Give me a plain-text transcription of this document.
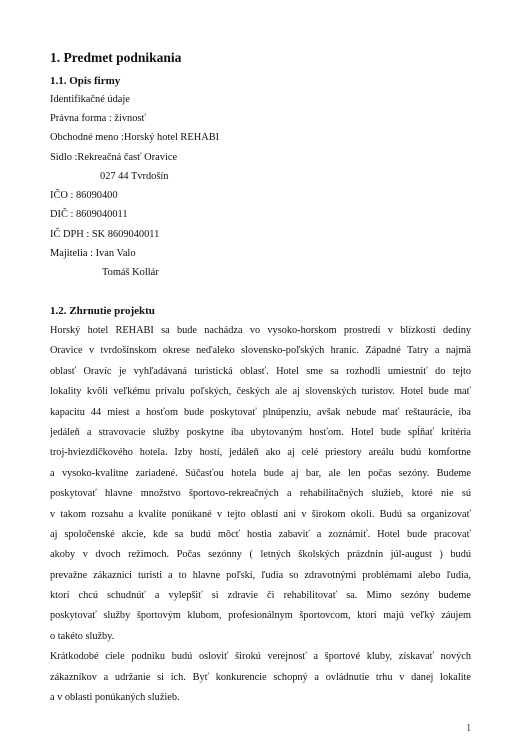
1. Predmet podnikania
1.1. Opis firmy
Identifikačné údaje
Právna forma : živnosť
Obchodné meno :Horský hotel REHABI
Sidlo :Rekreačná časť Oravice
027 44 Tvrdošín
IČO : 86090400
DIČ : 8609040011
IČ DPH : SK 8609040011
Majitelia : Ivan Valo
Tomáš Kollár
1.2. Zhrnutie projektu
Horský hotel REHABI sa bude nachádza vo vysoko-horskom prostredí v blízkosti dediny
Oravice v tvrdošínskom okrese neďaleko slovensko-poľských hraníc. Západné Tatry a najmä
oblasť Oravíc je vyhľadávaná turistická oblasť. Hotel sme sa rozhodli umiestniť do tejto
lokality kvôli veľkému prívalu poľských, českých ale aj slovenských turistov. Hotel bude mať
kapacitu 44 miest a hosťom bude poskytovať plnúpenziu, avšak nebude mať reštaurácie, iba
jedáleň a stravovacie služby poskytne iba ubytovaným hosťom. Hotel bude spĺňať kritéria
troj-hviezdičkového hotela. Izby hostí, jedáleň ako aj celé priestory areálu budú komfortne
a vysoko-kvalitne zariadené. Súčasťou hotela bude aj bar, ale len počas sezóny. Budeme
poskytovať hlavne množstvo športovo-rekreačných a rehabilitačných služieb, ktoré nie sú
v takom rozsahu a kvalite ponúkané v tejto oblasti ani v širokom okolí. Budú sa organizovať
aj spoločenské akcie, kde sa budú môcť hostia zabaviť a zoznámiť. Hotel bude pracovať
akoby v dvoch režimoch. Počas sezónny ( letných školských prázdnin júl-august ) budú
prevažne zákazníci turisti a to hlavne poľskí, ľudia so zdravotnými problémami alebo ľudia,
ktorí chcú schudnúť a vylepšiť si zdravie či rehabilitovať sa. Mimo sezóny budeme
poskytovať služby športovým klubom, profesionálnym športovcom, ktorí majú veľký záujem
o takéto služby.
Krátkodobé ciele podniku budú osloviť širokú verejnosť a športové kluby, získavať nových
zákazníkov a udržanie si ich. Byť konkurencie schopný a ovládnutie trhu v danej lokalite
a v oblasti ponúkaných služieb.
1
